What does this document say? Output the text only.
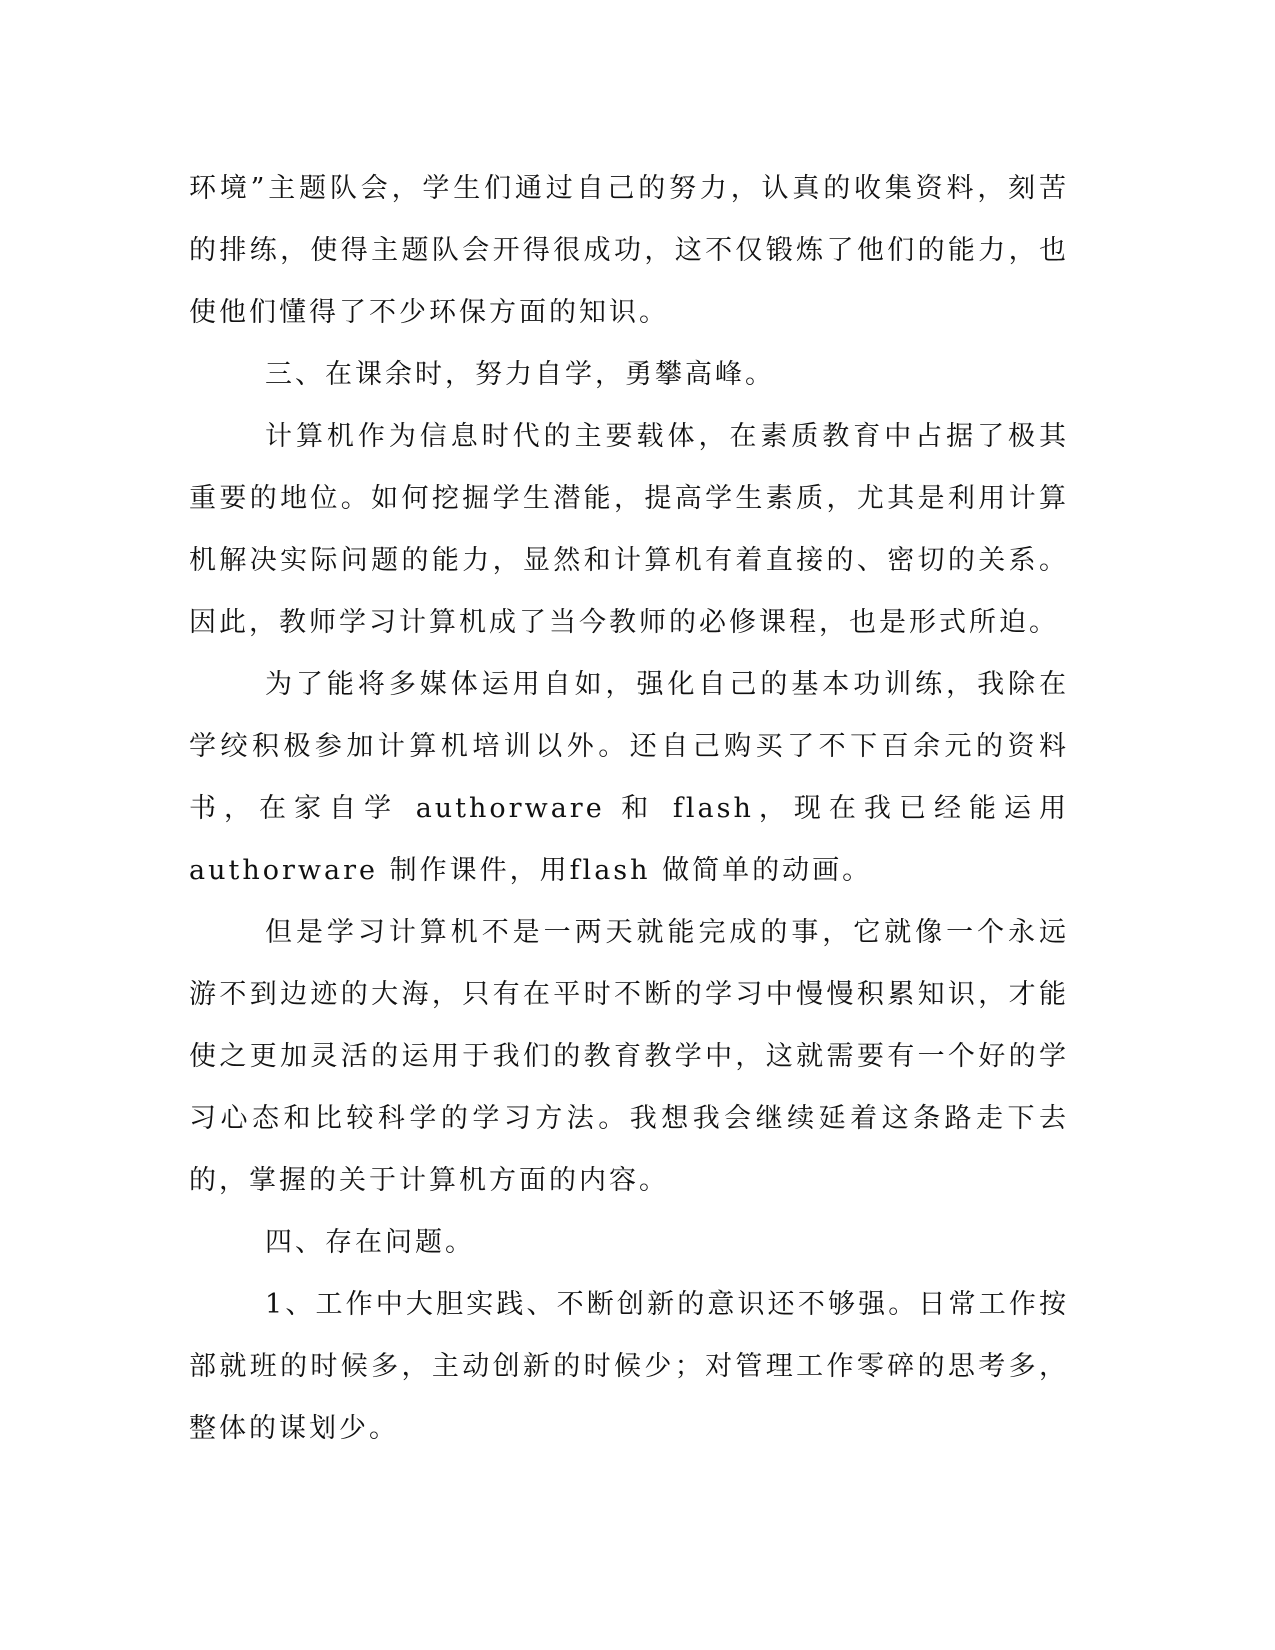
环境”主题队会，学生们通过自己的努力，认真的收集资料，刻苦的排练，使得主题队会开得很成功，这不仅锻炼了他们的能力，也使他们懂得了不少环保方面的知识。

三、在课余时，努力自学，勇攀高峰。

计算机作为信息时代的主要载体，在素质教育中占据了极其重要的地位。如何挖掘学生潜能，提高学生素质，尤其是利用计算机解决实际问题的能力，显然和计算机有着直接的、密切的关系。因此，教师学习计算机成了当今教师的必修课程，也是形式所迫。

为了能将多媒体运用自如，强化自己的基本功训练，我除在学绞积极参加计算机培训以外。还自己购买了不下百余元的资料书，在家自学 authorware 和 flash，现在我已经能运用 authorware 制作课件，用flash 做简单的动画。

但是学习计算机不是一两天就能完成的事，它就像一个永远游不到边迹的大海，只有在平时不断的学习中慢慢积累知识，才能使之更加灵活的运用于我们的教育教学中，这就需要有一个好的学习心态和比较科学的学习方法。我想我会继续延着这条路走下去的，掌握的关于计算机方面的内容。

四、存在问题。

1、工作中大胆实践、不断创新的意识还不够强。日常工作按部就班的时候多，主动创新的时候少；对管理工作零碎的思考多，整体的谋划少。
